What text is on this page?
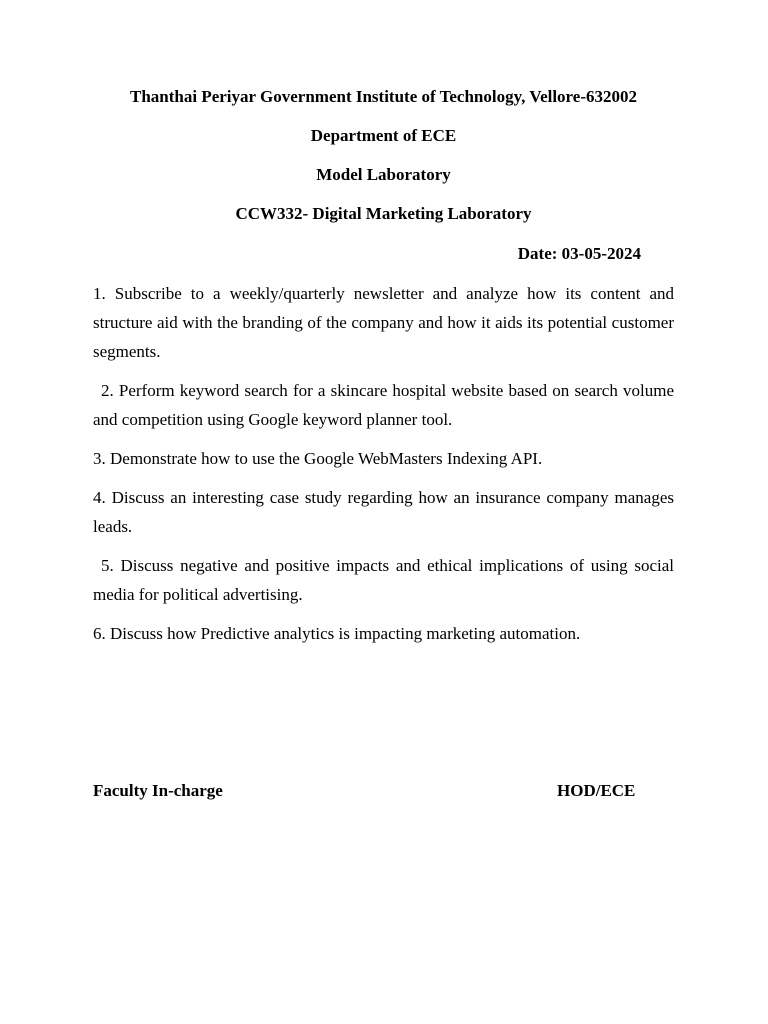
Thanthai Periyar Government Institute of Technology, Vellore-632002
Department of ECE
Model Laboratory
CCW332- Digital Marketing Laboratory
Date: 03-05-2024

1. Subscribe to a weekly/quarterly newsletter and analyze how its content and structure aid with the branding of the company and how it aids its potential customer segments.

2. Perform keyword search for a skincare hospital website based on search volume and competition using Google keyword planner tool.

3. Demonstrate how to use the Google WebMasters Indexing API.

4. Discuss an interesting case study regarding how an insurance company manages leads.

5. Discuss negative and positive impacts and ethical implications of using social media for political advertising.

6. Discuss how Predictive analytics is impacting marketing automation.

Faculty In-charge	HOD/ECE
